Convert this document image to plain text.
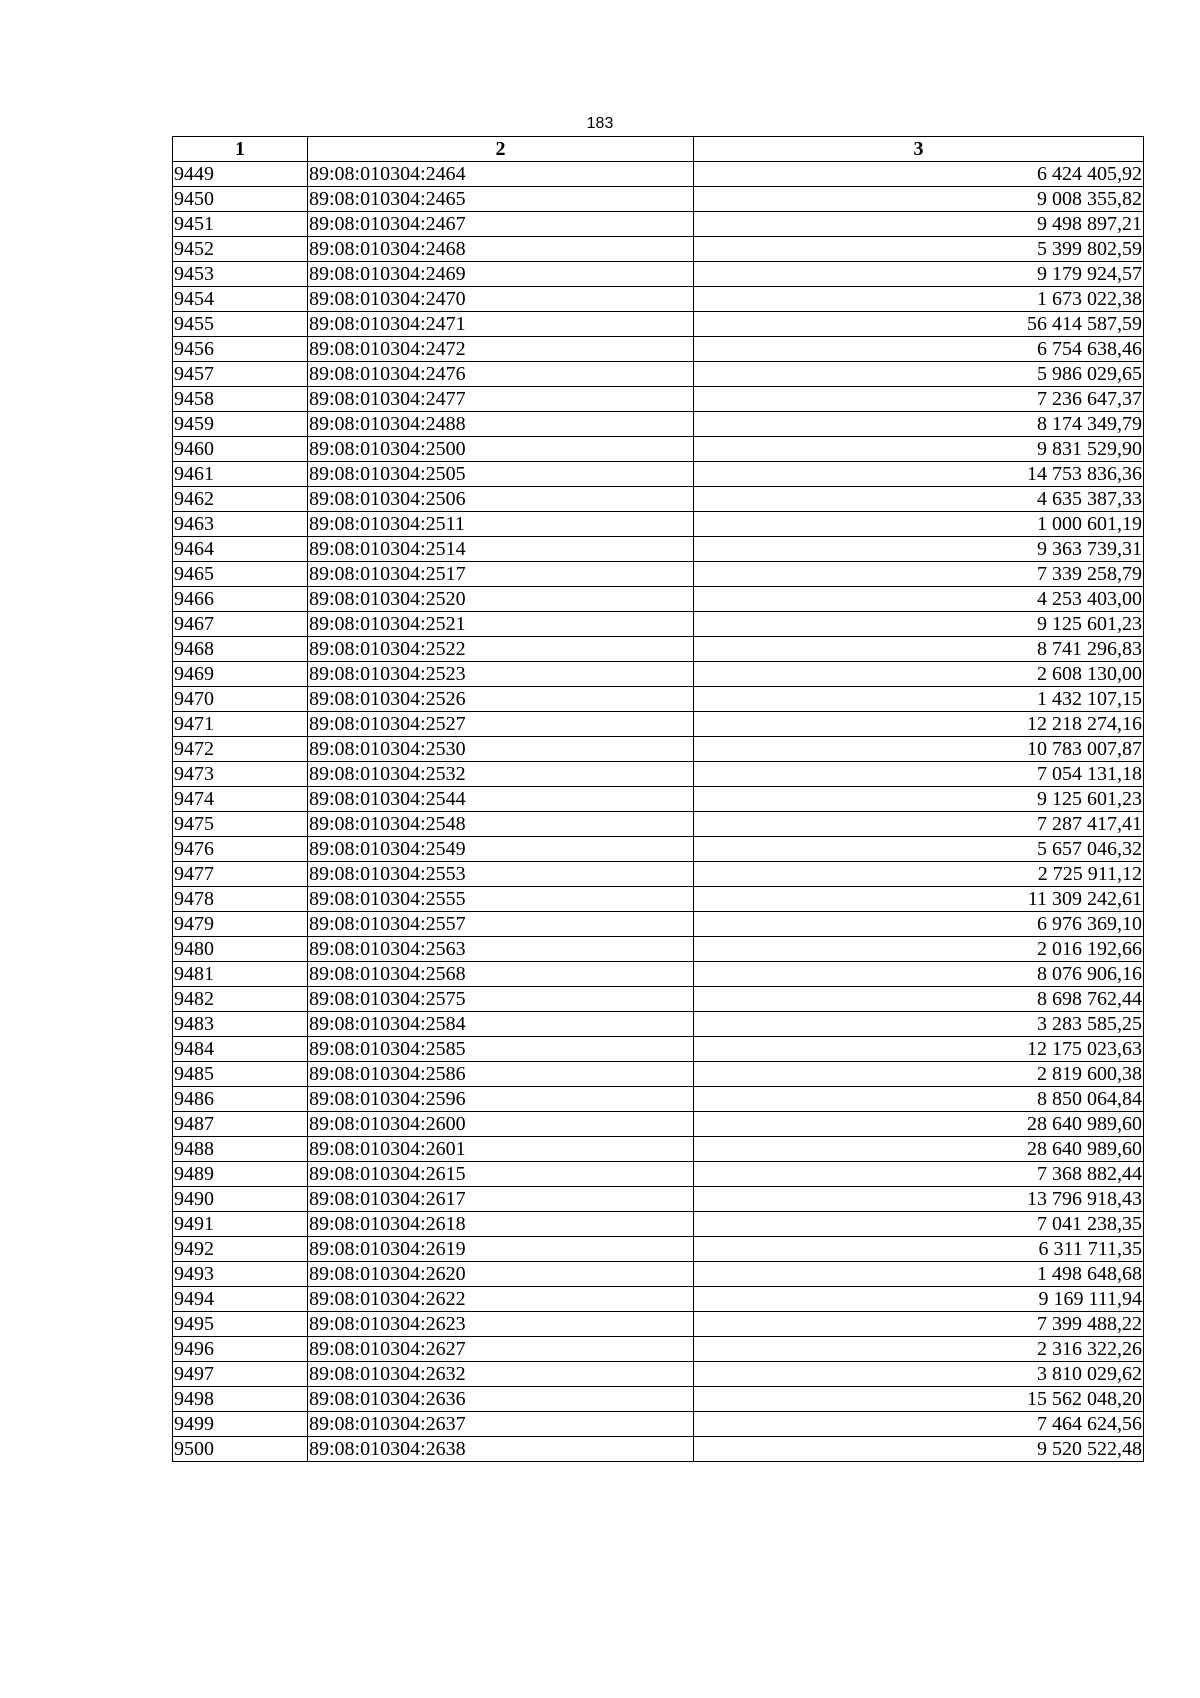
183
1	2	3
9449	89:08:010304:2464	6 424 405,92
9450	89:08:010304:2465	9 008 355,82
9451	89:08:010304:2467	9 498 897,21
9452	89:08:010304:2468	5 399 802,59
9453	89:08:010304:2469	9 179 924,57
9454	89:08:010304:2470	1 673 022,38
9455	89:08:010304:2471	56 414 587,59
9456	89:08:010304:2472	6 754 638,46
9457	89:08:010304:2476	5 986 029,65
9458	89:08:010304:2477	7 236 647,37
9459	89:08:010304:2488	8 174 349,79
9460	89:08:010304:2500	9 831 529,90
9461	89:08:010304:2505	14 753 836,36
9462	89:08:010304:2506	4 635 387,33
9463	89:08:010304:2511	1 000 601,19
9464	89:08:010304:2514	9 363 739,31
9465	89:08:010304:2517	7 339 258,79
9466	89:08:010304:2520	4 253 403,00
9467	89:08:010304:2521	9 125 601,23
9468	89:08:010304:2522	8 741 296,83
9469	89:08:010304:2523	2 608 130,00
9470	89:08:010304:2526	1 432 107,15
9471	89:08:010304:2527	12 218 274,16
9472	89:08:010304:2530	10 783 007,87
9473	89:08:010304:2532	7 054 131,18
9474	89:08:010304:2544	9 125 601,23
9475	89:08:010304:2548	7 287 417,41
9476	89:08:010304:2549	5 657 046,32
9477	89:08:010304:2553	2 725 911,12
9478	89:08:010304:2555	11 309 242,61
9479	89:08:010304:2557	6 976 369,10
9480	89:08:010304:2563	2 016 192,66
9481	89:08:010304:2568	8 076 906,16
9482	89:08:010304:2575	8 698 762,44
9483	89:08:010304:2584	3 283 585,25
9484	89:08:010304:2585	12 175 023,63
9485	89:08:010304:2586	2 819 600,38
9486	89:08:010304:2596	8 850 064,84
9487	89:08:010304:2600	28 640 989,60
9488	89:08:010304:2601	28 640 989,60
9489	89:08:010304:2615	7 368 882,44
9490	89:08:010304:2617	13 796 918,43
9491	89:08:010304:2618	7 041 238,35
9492	89:08:010304:2619	6 311 711,35
9493	89:08:010304:2620	1 498 648,68
9494	89:08:010304:2622	9 169 111,94
9495	89:08:010304:2623	7 399 488,22
9496	89:08:010304:2627	2 316 322,26
9497	89:08:010304:2632	3 810 029,62
9498	89:08:010304:2636	15 562 048,20
9499	89:08:010304:2637	7 464 624,56
9500	89:08:010304:2638	9 520 522,48
